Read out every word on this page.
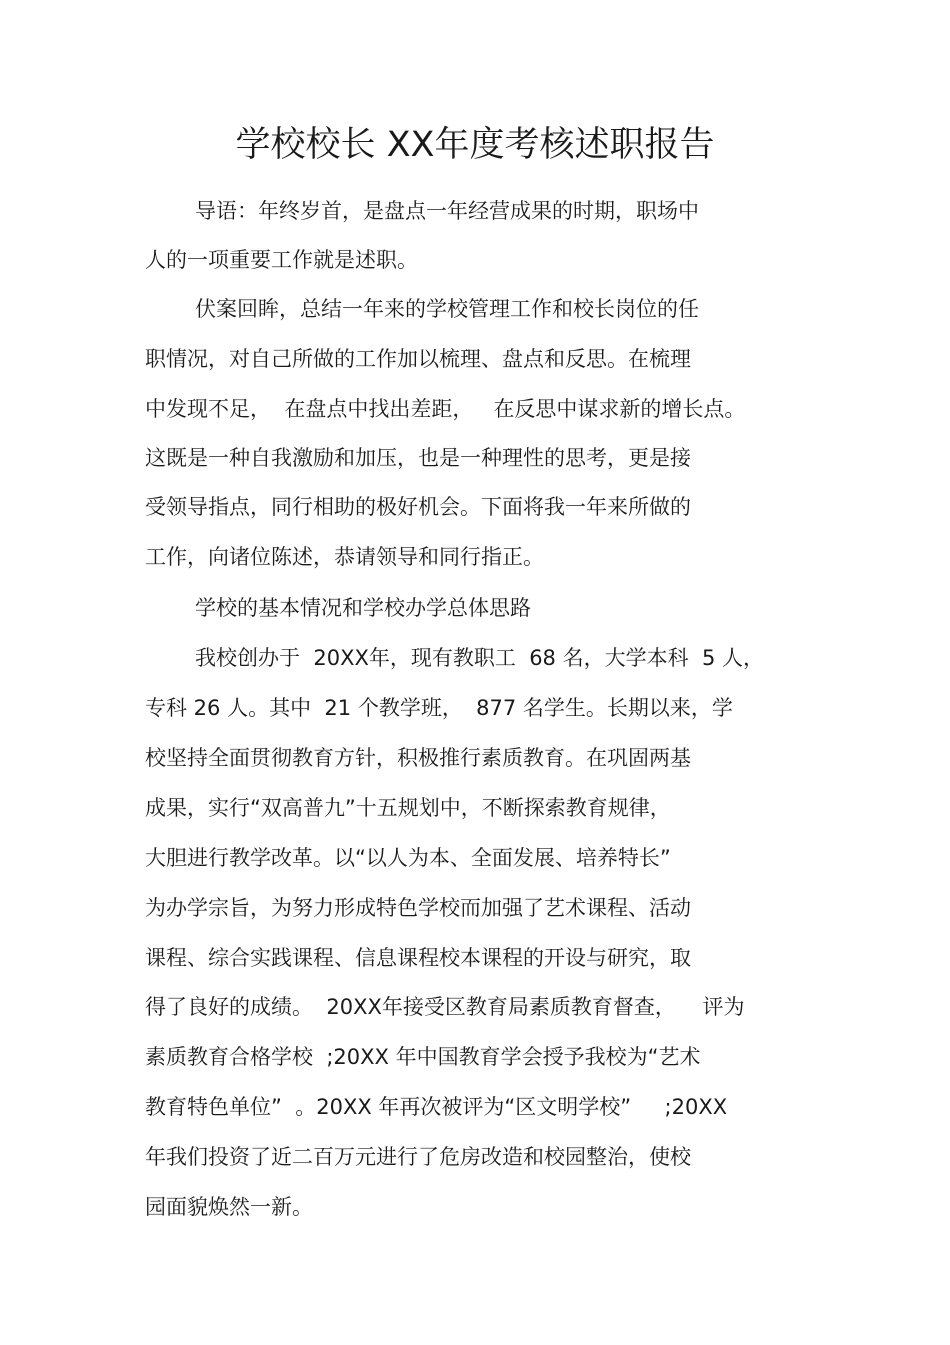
学校校长 XX年度考核述职报告
导语：年终岁首，是盘点一年经营成果的时期，职场中
人的一项重要工作就是述职。
伏案回眸，总结一年来的学校管理工作和校长岗位的任
职情况，对自己所做的工作加以梳理、盘点和反思。在梳理
中发现不足，  在盘点中找出差距，   在反思中谋求新的增长点。
这既是一种自我激励和加压，也是一种理性的思考，更是接
受领导指点，同行相助的极好机会。下面将我一年来所做的
工作，向诸位陈述，恭请领导和同行指正。
学校的基本情况和学校办学总体思路
我校创办于  20XX年，现有教职工  68 名，大学本科  5 人，
专科 26 人。其中  21 个教学班，  877 名学生。长期以来，学
校坚持全面贯彻教育方针，积极推行素质教育。在巩固两基
成果，实行“双高普九”十五规划中，不断探索教育规律，
大胆进行教学改革。以“以人为本、全面发展、培养特长”
为办学宗旨，为努力形成特色学校而加强了艺术课程、活动
课程、综合实践课程、信息课程校本课程的开设与研究，取
得了良好的成绩。  20XX年接受区教育局素质教育督查，    评为
素质教育合格学校  ;20XX 年中国教育学会授予我校为“艺术
教育特色单位”  。20XX 年再次被评为“区文明学校”     ;20XX
年我们投资了近二百万元进行了危房改造和校园整治，使校
园面貌焕然一新。
